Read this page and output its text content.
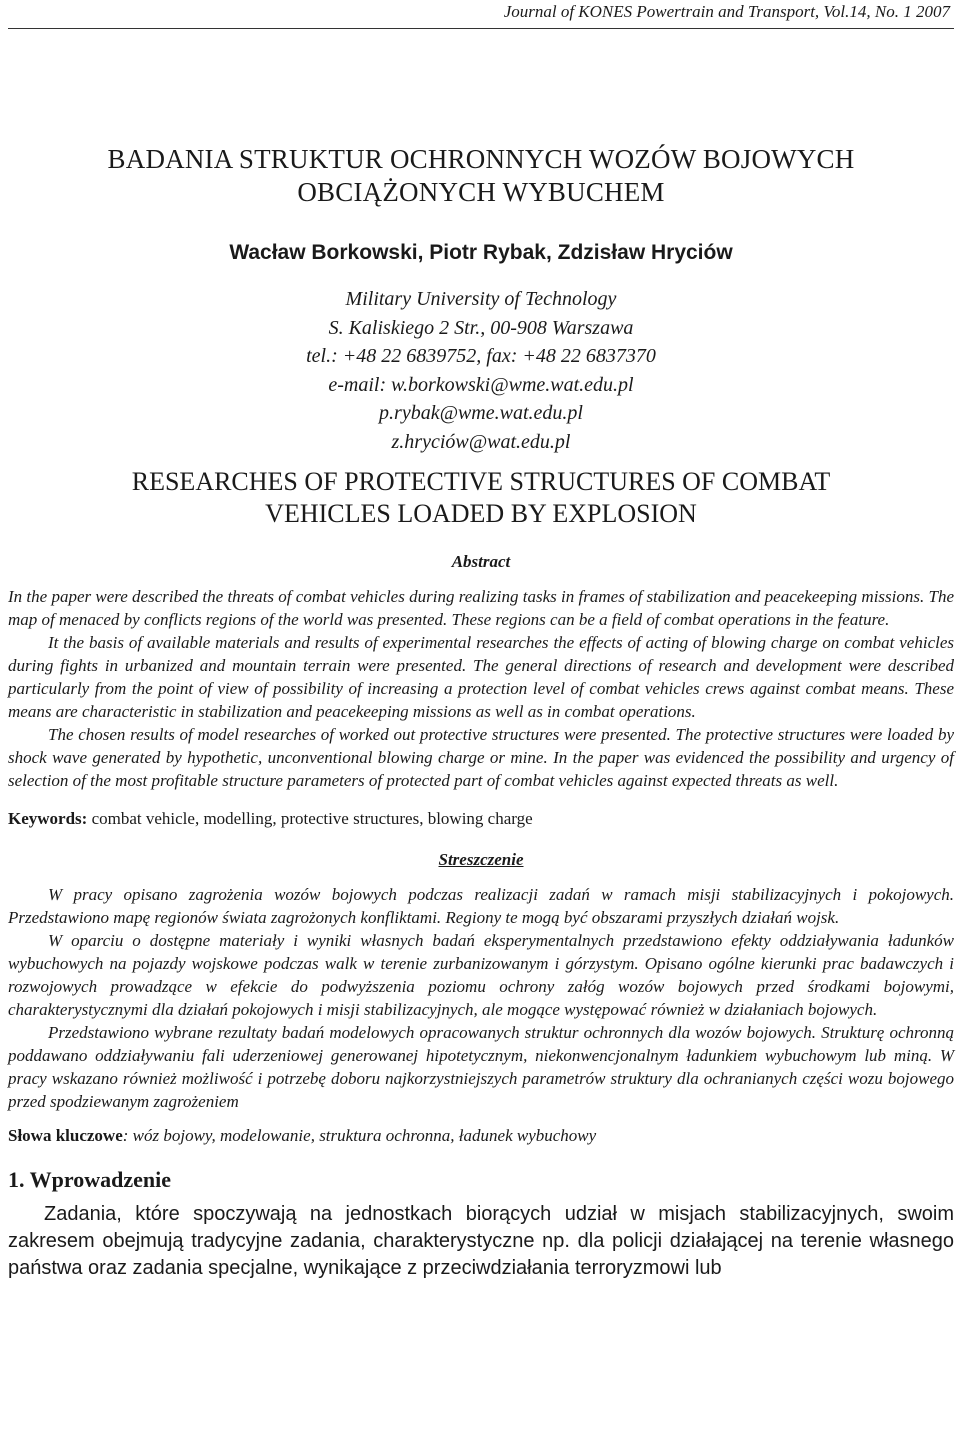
Journal of KONES Powertrain and Transport, Vol.14, No. 1 2007
BADANIA STRUKTUR OCHRONNYCH WOZÓW BOJOWYCH
OBCIĄŻONYCH WYBUCHEM
Wacław Borkowski, Piotr Rybak, Zdzisław Hryciów
Military University of Technology
S. Kaliskiego 2 Str., 00-908 Warszawa
tel.: +48 22 6839752, fax: +48 22 6837370
e-mail: w.borkowski@wme.wat.edu.pl
p.rybak@wme.wat.edu.pl
z.hryciów@wat.edu.pl
RESEARCHES OF PROTECTIVE STRUCTURES OF COMBAT
VEHICLES LOADED BY EXPLOSION
Abstract

In the paper were described the threats of combat vehicles during realizing tasks in frames of stabilization and peacekeeping missions. The map of menaced by conflicts regions of the world was presented. These regions can be a field of combat operations in the feature.

It the basis of available materials and results of experimental researches the effects of acting of blowing charge on combat vehicles during fights in urbanized and mountain terrain were presented. The general directions of research and development were described particularly from the point of view of possibility of increasing a protection level of combat vehicles crews against combat means. These means are characteristic in stabilization and peacekeeping missions as well as in combat operations.

The chosen results of model researches of worked out protective structures were presented. The protective structures were loaded by shock wave generated by hypothetic, unconventional blowing charge or mine. In the paper was evidenced the possibility and urgency of selection of the most profitable structure parameters of protected part of combat vehicles against expected threats as well.

Keywords: combat vehicle, modelling, protective structures, blowing charge
Streszczenie

W pracy opisano zagrożenia wozów bojowych podczas realizacji zadań w ramach misji stabilizacyjnych i pokojowych. Przedstawiono mapę regionów świata zagrożonych konfliktami. Regiony te mogą być obszarami przyszłych działań wojsk.

W oparciu o dostępne materiały i wyniki własnych badań eksperymentalnych przedstawiono efekty oddziaływania ładunków wybuchowych na pojazdy wojskowe podczas walk w terenie zurbanizowanym i górzystym. Opisano ogólne kierunki prac badawczych i rozwojowych prowadzące w efekcie do podwyższenia poziomu ochrony załóg wozów bojowych przed środkami bojowymi, charakterystycznymi dla działań pokojowych i misji stabilizacyjnych, ale mogące występować również w działaniach bojowych.

Przedstawiono wybrane rezultaty badań modelowych opracowanych struktur ochronnych dla wozów bojowych. Strukturę ochronną poddawano oddziaływaniu fali uderzeniowej generowanej hipotetycznym, niekonwencjonalnym ładunkiem wybuchowym lub miną. W pracy wskazano również możliwość i potrzebę doboru najkorzystniejszych parametrów struktury dla ochranianych części wozu bojowego przed spodziewanym zagrożeniem

Słowa kluczowe: wóz bojowy, modelowanie, struktura ochronna, ładunek wybuchowy
1. Wprowadzenie

Zadania, które spoczywają na jednostkach biorących udział w misjach stabilizacyjnych, swoim zakresem obejmują tradycyjne zadania, charakterystyczne np. dla policji działającej na terenie własnego państwa oraz zadania specjalne, wynikające z przeciwdziałania terroryzmowi lub
